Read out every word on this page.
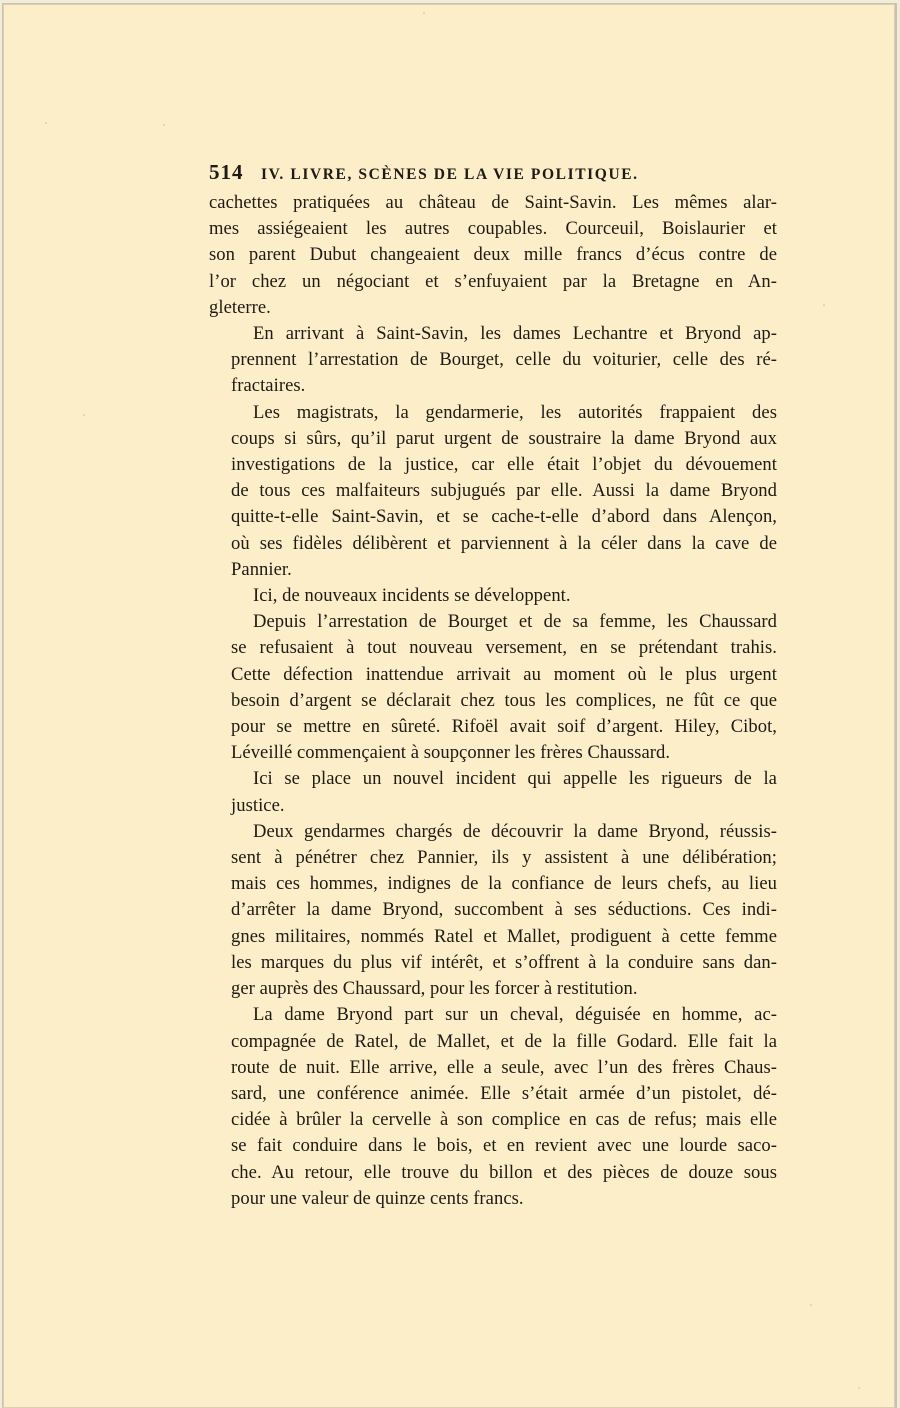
514	IV. LIVRE, SCÈNES DE LA VIE POLITIQUE.
cachettes pratiquées au château de Saint-Savin. Les mêmes alar-
mes assiégeaient les autres coupables. Courceuil, Boislaurier et
son parent Dubut changeaient deux mille francs d’écus contre de
l’or chez un négociant et s’enfuyaient par la Bretagne en An-
gleterre.
En arrivant à Saint-Savin, les dames Lechantre et Bryond ap-
prennent l’arrestation de Bourget, celle du voiturier, celle des ré-
fractaires.
Les magistrats, la gendarmerie, les autorités frappaient des
coups si sûrs, qu’il parut urgent de soustraire la dame Bryond aux
investigations de la justice, car elle était l’objet du dévouement
de tous ces malfaiteurs subjugués par elle. Aussi la dame Bryond
quitte-t-elle Saint-Savin, et se cache-t-elle d’abord dans Alençon,
où ses fidèles délibèrent et parviennent à la céler dans la cave de
Pannier.
Ici, de nouveaux incidents se développent.
Depuis l’arrestation de Bourget et de sa femme, les Chaussard
se refusaient à tout nouveau versement, en se prétendant trahis.
Cette défection inattendue arrivait au moment où le plus urgent
besoin d’argent se déclarait chez tous les complices, ne fût ce que
pour se mettre en sûreté. Rifoël avait soif d’argent. Hiley, Cibot,
Léveillé commençaient à soupçonner les frères Chaussard.
Ici se place un nouvel incident qui appelle les rigueurs de la
justice.
Deux gendarmes chargés de découvrir la dame Bryond, réussis-
sent à pénétrer chez Pannier, ils y assistent à une délibération;
mais ces hommes, indignes de la confiance de leurs chefs, au lieu
d’arrêter la dame Bryond, succombent à ses séductions. Ces indi-
gnes militaires, nommés Ratel et Mallet, prodiguent à cette femme
les marques du plus vif intérêt, et s’offrent à la conduire sans dan-
ger auprès des Chaussard, pour les forcer à restitution.
La dame Bryond part sur un cheval, déguisée en homme, ac-
compagnée de Ratel, de Mallet, et de la fille Godard. Elle fait la
route de nuit. Elle arrive, elle a seule, avec l’un des frères Chaus-
sard, une conférence animée. Elle s’était armée d’un pistolet, dé-
cidée à brûler la cervelle à son complice en cas de refus; mais elle
se fait conduire dans le bois, et en revient avec une lourde saco-
che. Au retour, elle trouve du billon et des pièces de douze sous
pour une valeur de quinze cents francs.
